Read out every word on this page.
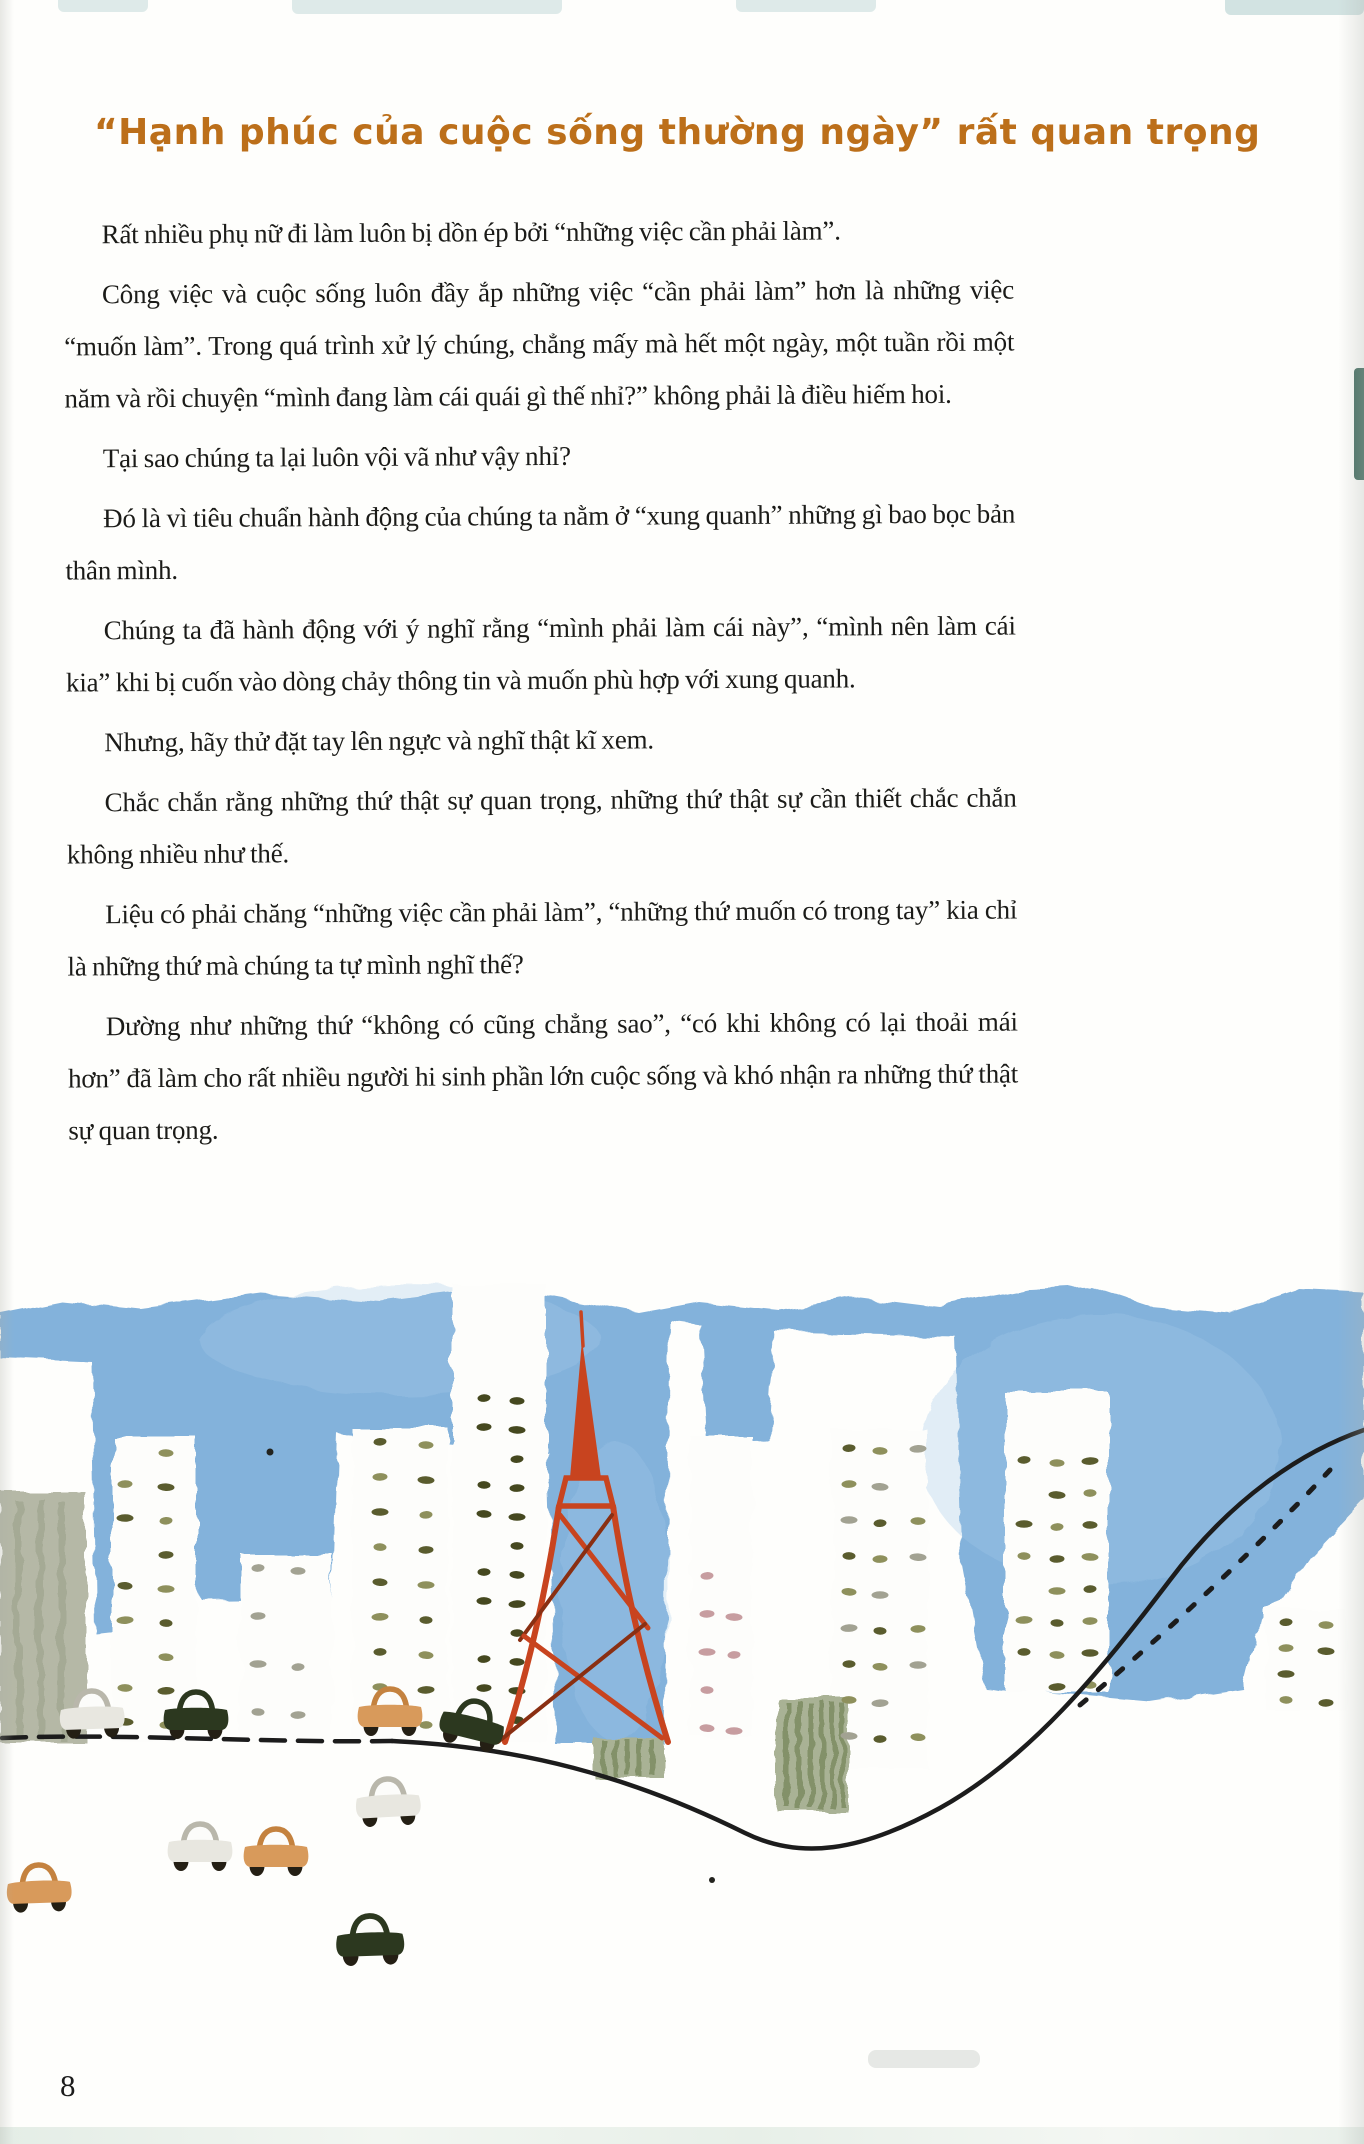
“Hạnh phúc của cuộc sống thường ngày” rất quan trọng

Rất nhiều phụ nữ đi làm luôn bị dồn ép bởi “những việc cần phải làm”.

Công việc và cuộc sống luôn đầy ắp những việc “cần phải làm” hơn là những việc “muốn làm”. Trong quá trình xử lý chúng, chẳng mấy mà hết một ngày, một tuần rồi một năm và rồi chuyện “mình đang làm cái quái gì thế nhỉ?” không phải là điều hiếm hoi.

Tại sao chúng ta lại luôn vội vã như vậy nhỉ?

Đó là vì tiêu chuẩn hành động của chúng ta nằm ở “xung quanh” những gì bao bọc bản thân mình.

Chúng ta đã hành động với ý nghĩ rằng “mình phải làm cái này”, “mình nên làm cái kia” khi bị cuốn vào dòng chảy thông tin và muốn phù hợp với xung quanh.

Nhưng, hãy thử đặt tay lên ngực và nghĩ thật kĩ xem.

Chắc chắn rằng những thứ thật sự quan trọng, những thứ thật sự cần thiết chắc chắn không nhiều như thế.

Liệu có phải chăng “những việc cần phải làm”, “những thứ muốn có trong tay” kia chỉ là những thứ mà chúng ta tự mình nghĩ thế?

Dường như những thứ “không có cũng chẳng sao”, “có khi không có lại thoải mái hơn” đã làm cho rất nhiều người hi sinh phần lớn cuộc sống và khó nhận ra những thứ thật sự quan trọng.

8
